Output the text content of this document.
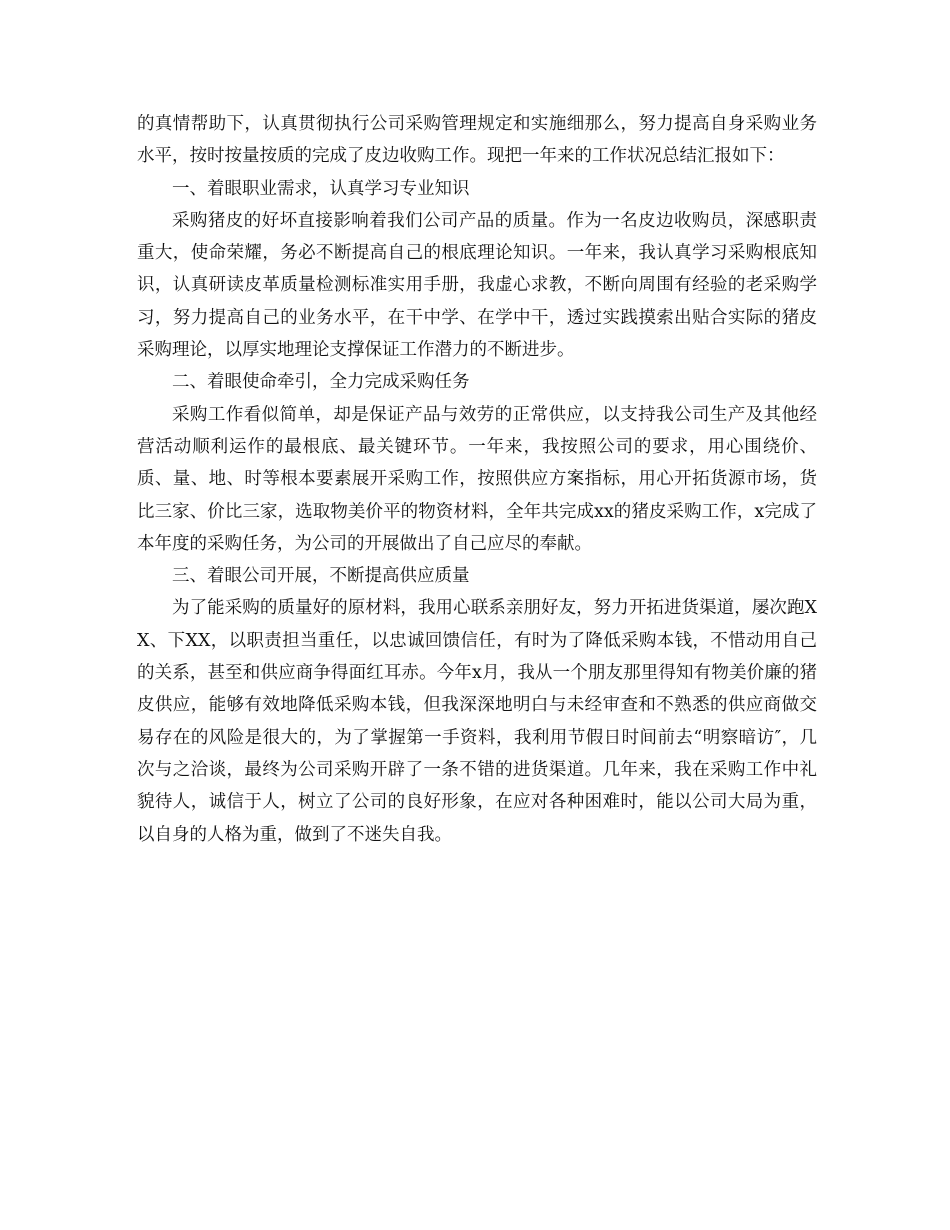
的真情帮助下，认真贯彻执行公司采购管理规定和实施细那么，努力提高自身采购业务水平，按时按量按质的完成了皮边收购工作。现把一年来的工作状况总结汇报如下：

一、着眼职业需求，认真学习专业知识

采购猪皮的好坏直接影响着我们公司产品的质量。作为一名皮边收购员，深感职责重大，使命荣耀，务必不断提高自己的根底理论知识。一年来，我认真学习采购根底知识，认真研读皮革质量检测标准实用手册，我虚心求教，不断向周围有经验的老采购学习，努力提高自己的业务水平，在干中学、在学中干，透过实践摸索出贴合实际的猪皮采购理论，以厚实地理论支撑保证工作潜力的不断进步。

二、着眼使命牵引，全力完成采购任务

采购工作看似简单，却是保证产品与效劳的正常供应，以支持我公司生产及其他经营活动顺利运作的最根底、最关键环节。一年来，我按照公司的要求，用心围绕价、质、量、地、时等根本要素展开采购工作，按照供应方案指标，用心开拓货源市场，货比三家、价比三家，选取物美价平的物资材料，全年共完成xx的猪皮采购工作，x完成了本年度的采购任务，为公司的开展做出了自己应尽的奉献。

三、着眼公司开展，不断提高供应质量

为了能采购的质量好的原材料，我用心联系亲朋好友，努力开拓进货渠道，屡次跑XX、下XX，以职责担当重任，以忠诚回馈信任，有时为了降低采购本钱，不惜动用自己的关系，甚至和供应商争得面红耳赤。今年x月，我从一个朋友那里得知有物美价廉的猪皮供应，能够有效地降低采购本钱，但我深深地明白与未经审查和不熟悉的供应商做交易存在的风险是很大的，为了掌握第一手资料，我利用节假日时间前去“明察暗访″，几次与之洽谈，最终为公司采购开辟了一条不错的进货渠道。几年来，我在采购工作中礼貌待人，诚信于人，树立了公司的良好形象，在应对各种困难时，能以公司大局为重，以自身的人格为重，做到了不迷失自我。
